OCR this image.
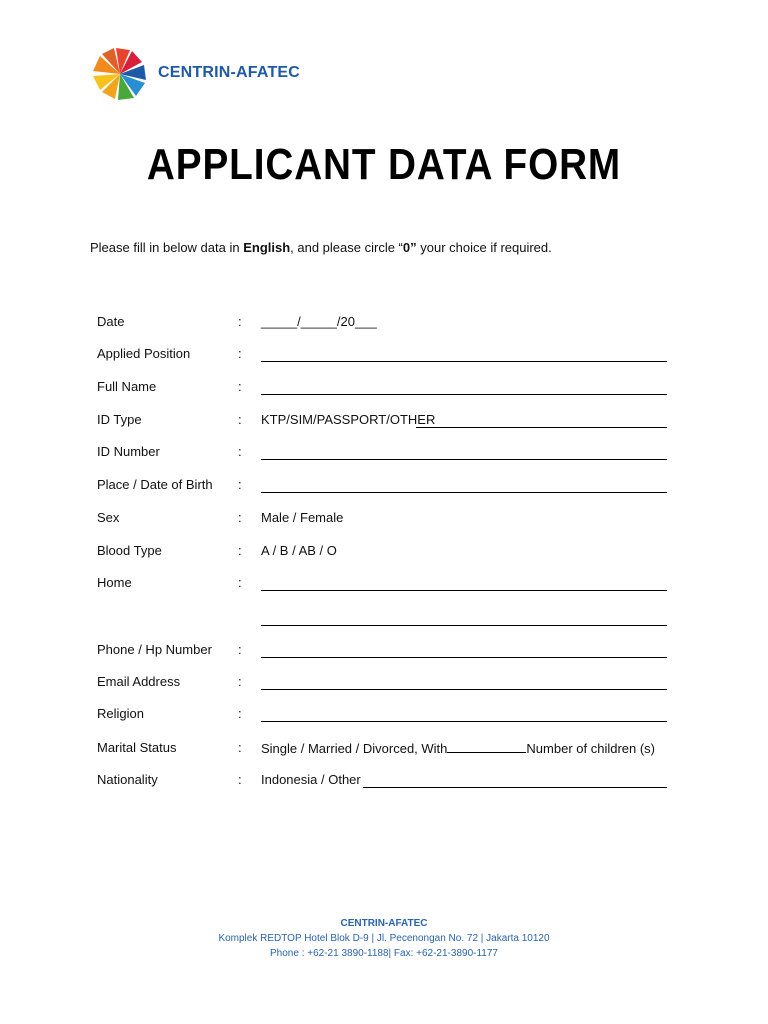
CENTRIN-AFATEC
APPLICANT DATA FORM
Please fill in below data in English, and please circle “0” your choice if required.
Date	: _____/_____/20___
Applied Position	:
Full Name	:
ID Type	: KTP/SIM/PASSPORT/OTHER
ID Number	:
Place / Date of Birth :
Sex	: Male / Female
Blood Type	: A / B / AB / O
Home	:
Phone / Hp Number :
Email Address	:
Religion	:
Marital Status	: Single / Married / Divorced, With	Number of children (s)
Nationality	: Indonesia / Other
CENTRIN-AFATEC
Komplek REDTOP Hotel Blok D-9 | Jl. Pecenongan No. 72 | Jakarta 10120
Phone : +62-21 3890-1188| Fax: +62-21-3890-1177
